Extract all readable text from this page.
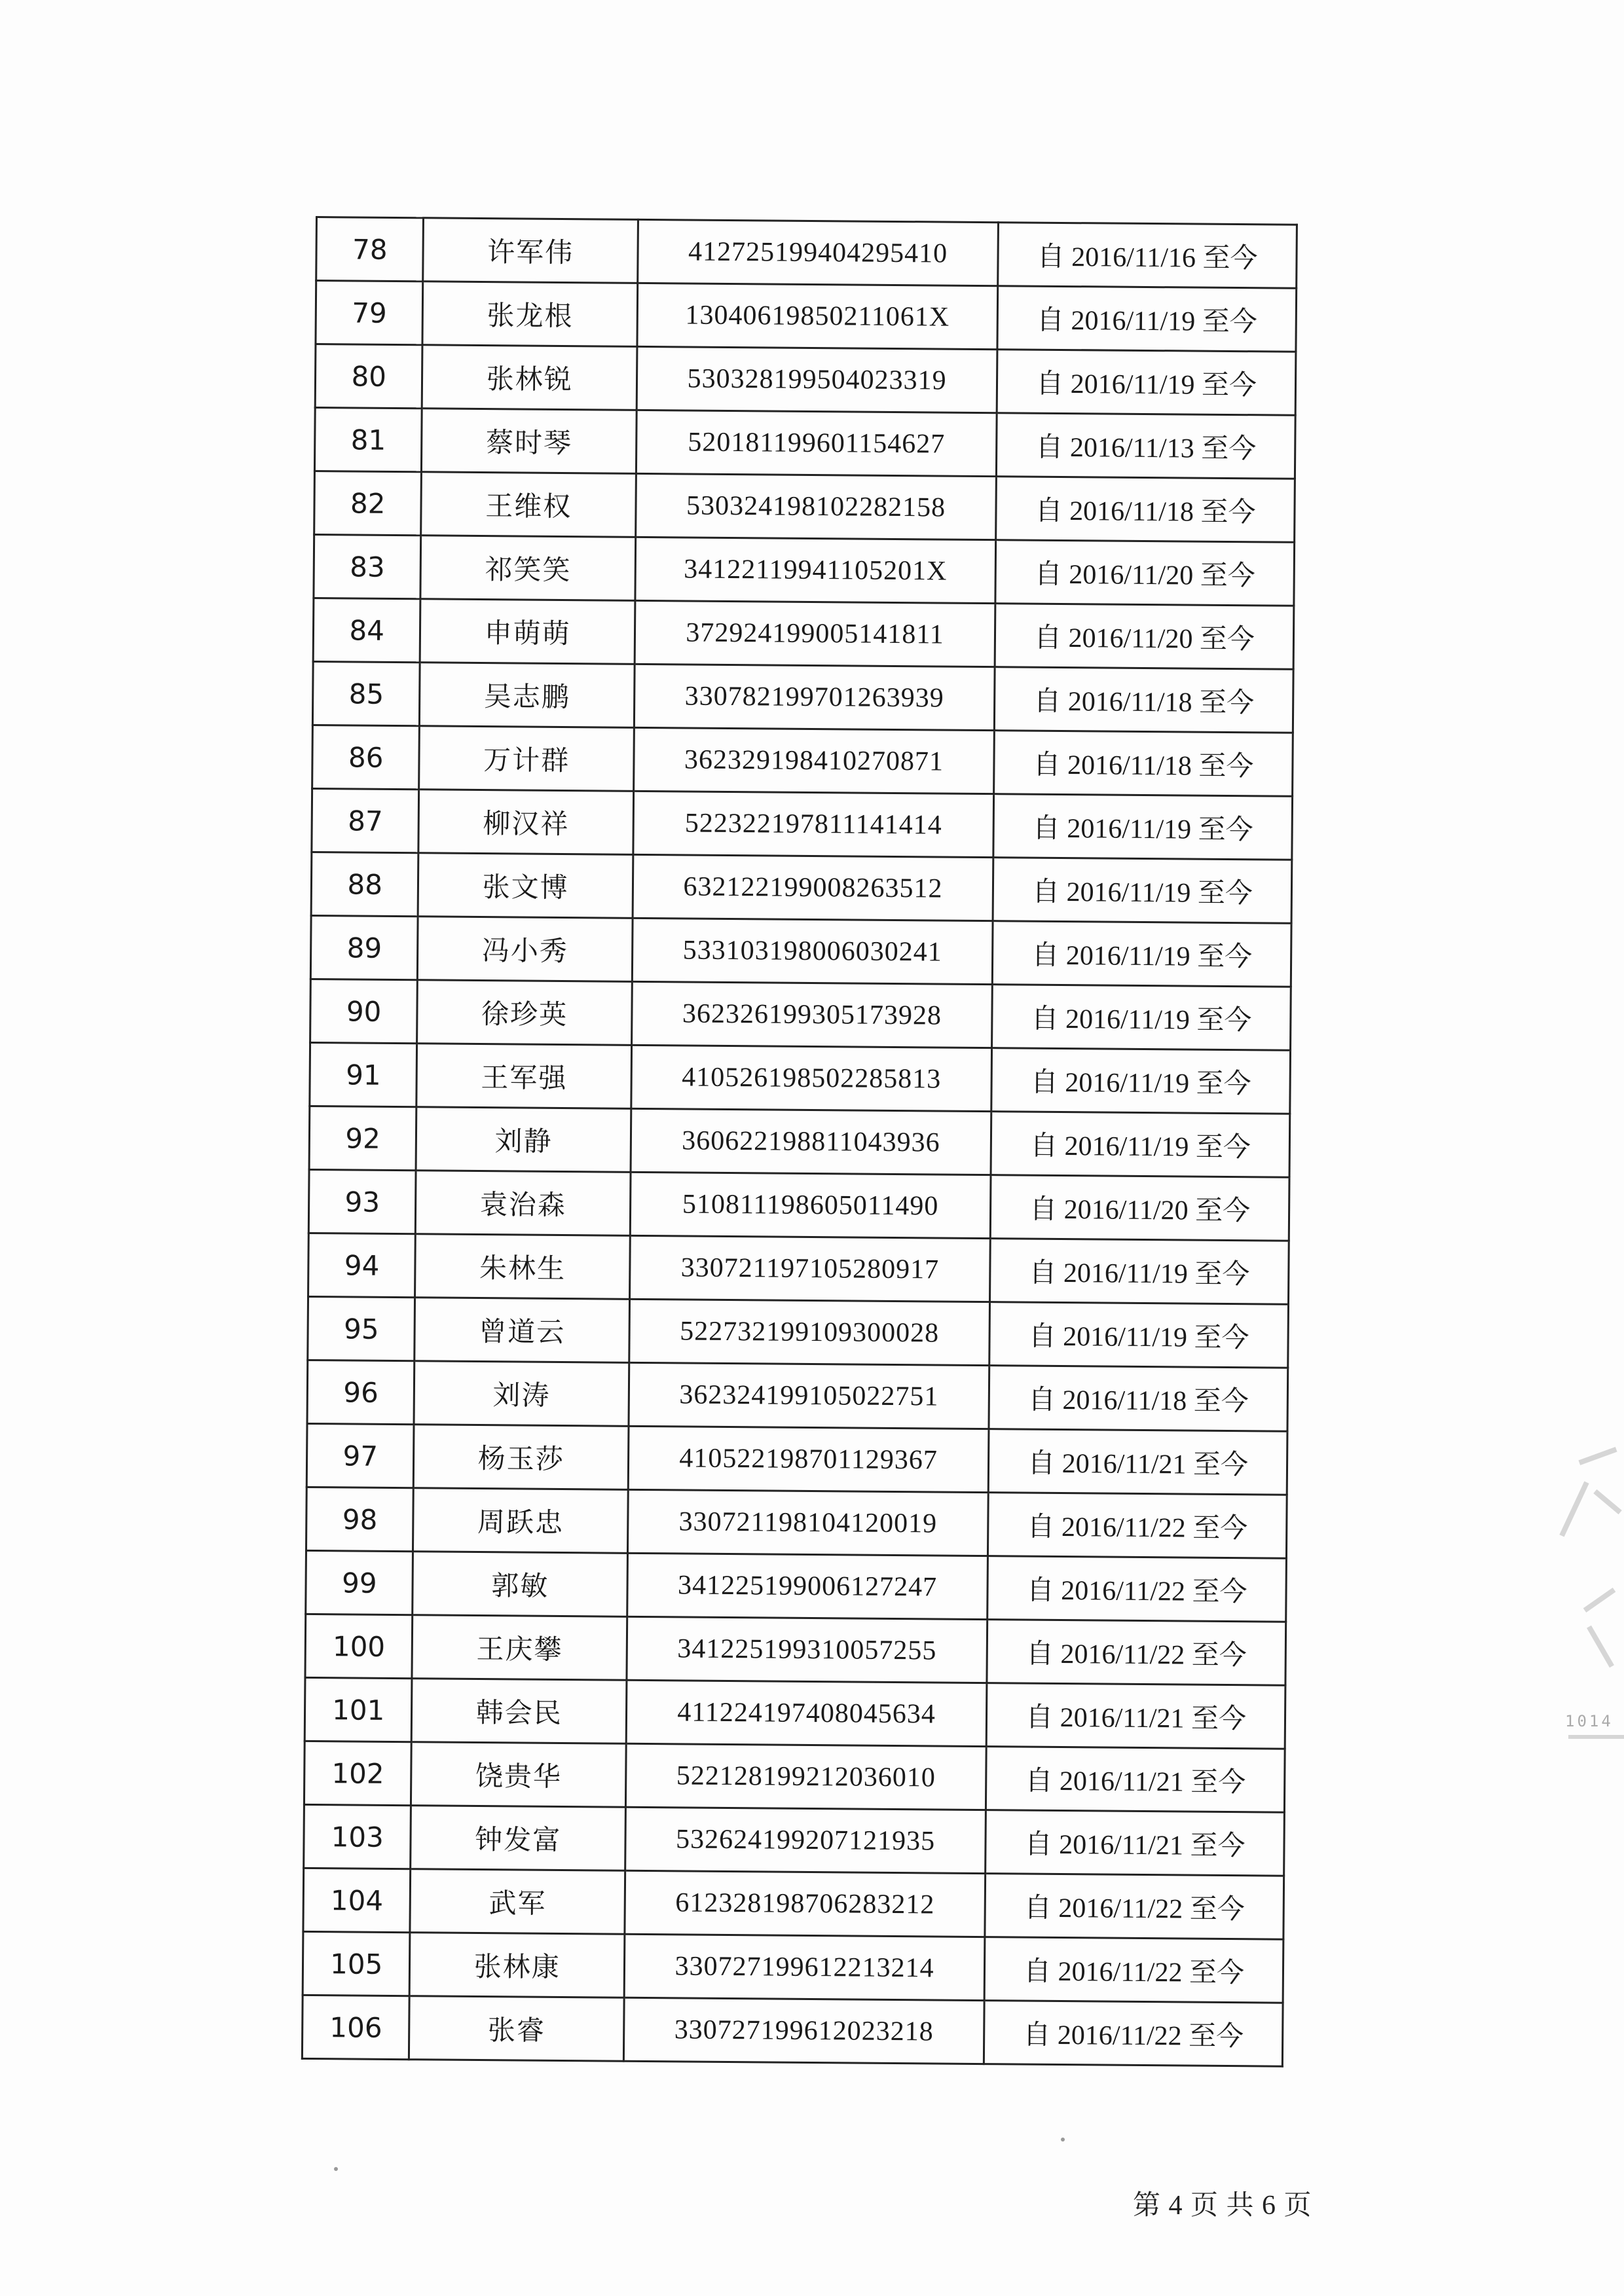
78	许军伟	412725199404295410	自 2016/11/16 至今
79	张龙根	13040619850211061X	自 2016/11/19 至今
80	张林锐	530328199504023319	自 2016/11/19 至今
81	蔡时琴	520181199601154627	自 2016/11/13 至今
82	王维权	530324198102282158	自 2016/11/18 至今
83	祁笑笑	34122119941105201X	自 2016/11/20 至今
84	申萌萌	372924199005141811	自 2016/11/20 至今
85	吴志鹏	330782199701263939	自 2016/11/18 至今
86	万计群	362329198410270871	自 2016/11/18 至今
87	柳汉祥	522322197811141414	自 2016/11/19 至今
88	张文博	632122199008263512	自 2016/11/19 至今
89	冯小秀	533103198006030241	自 2016/11/19 至今
90	徐珍英	362326199305173928	自 2016/11/19 至今
91	王军强	410526198502285813	自 2016/11/19 至今
92	刘静	360622198811043936	自 2016/11/19 至今
93	袁治森	510811198605011490	自 2016/11/20 至今
94	朱林生	330721197105280917	自 2016/11/19 至今
95	曾道云	522732199109300028	自 2016/11/19 至今
96	刘涛	362324199105022751	自 2016/11/18 至今
97	杨玉莎	410522198701129367	自 2016/11/21 至今
98	周跃忠	330721198104120019	自 2016/11/22 至今
99	郭敏	341225199006127247	自 2016/11/22 至今
100	王庆攀	341225199310057255	自 2016/11/22 至今
101	韩会民	411224197408045634	自 2016/11/21 至今
102	饶贵华	522128199212036010	自 2016/11/21 至今
103	钟发富	532624199207121935	自 2016/11/21 至今
104	武军	612328198706283212	自 2016/11/22 至今
105	张林康	330727199612213214	自 2016/11/22 至今
106	张睿	330727199612023218	自 2016/11/22 至今
第 4 页 共 6 页
1014
